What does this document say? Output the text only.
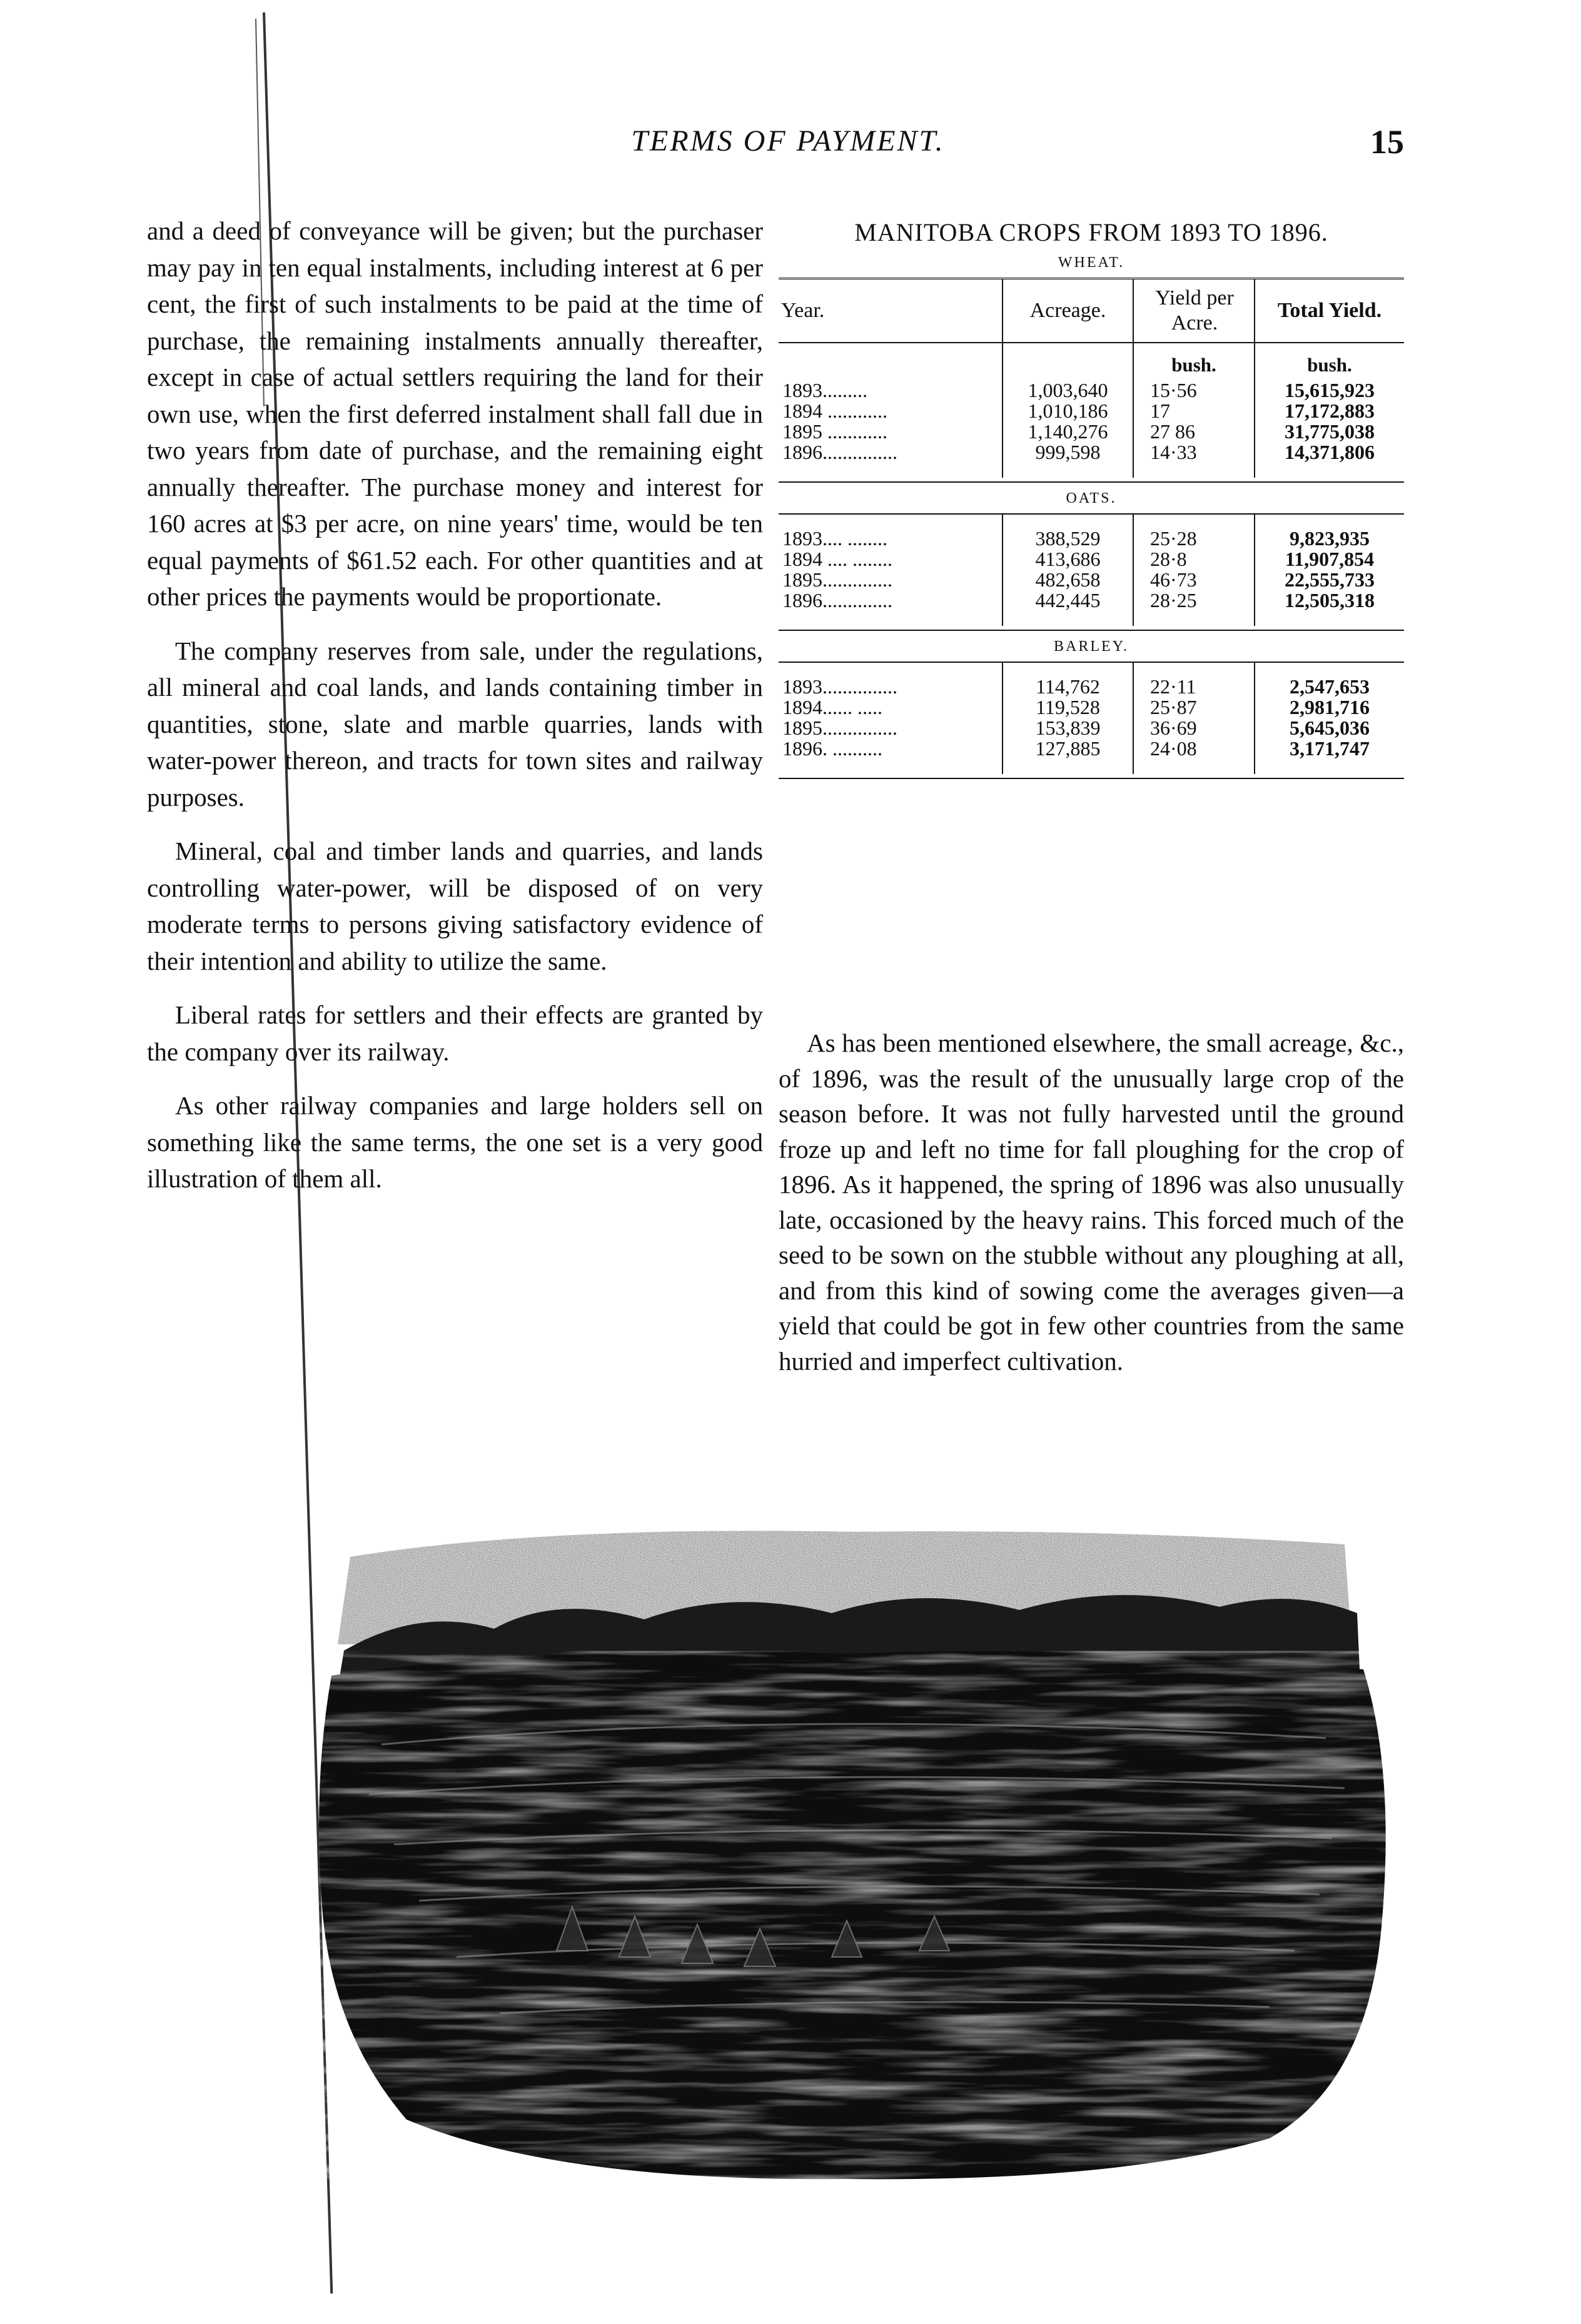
TERMS OF PAYMENT.	15

and a deed of conveyance will be given; but the purchaser may pay in ten equal instalments, including interest at 6 per cent, the first of such instalments to be paid at the time of purchase, the remaining instalments annually thereafter, except in case of actual settlers requiring the land for their own use, when the first deferred instalment shall fall due in two years from date of purchase, and the remaining eight annually thereafter. The purchase money and interest for 160 acres at $3 per acre, on nine years' time, would be ten equal payments of $61.52 each. For other quantities and at other prices the payments would be proportionate.

The company reserves from sale, under the regulations, all mineral and coal lands, and lands containing timber in quantities, stone, slate and marble quarries, lands with water-power thereon, and tracts for town sites and railway purposes.

Mineral, coal and timber lands and quarries, and lands controlling water-power, will be disposed of on very moderate terms to persons giving satisfactory evidence of their intention and ability to utilize the same.

Liberal rates for settlers and their effects are granted by the company over its railway.

As other railway companies and large holders sell on something like the same terms, the one set is a very good illustration of them all.

MANITOBA CROPS FROM 1893 TO 1896.
WHEAT.
Year.	Acreage.	Yield per Acre.	Total Yield.
		bush.	bush.
1893.........	1,003,640	15·56	15,615,923
1894 ............	1,010,186	17	17,172,883
1895 ............	1,140,276	27 86	31,775,038
1896...............	999,598	14·33	14,371,806
OATS.
1893.... ........	388,529	25·28	9,823,935
1894 .... ........	413,686	28·8	11,907,854
1895..............	482,658	46·73	22,555,733
1896..............	442,445	28·25	12,505,318
BARLEY.
1893...............	114,762	22·11	2,547,653
1894...... .....	119,528	25·87	2,981,716
1895...............	153,839	36·69	5,645,036
1896. ..........	127,885	24·08	3,171,747

As has been mentioned elsewhere, the small acreage, &c., of 1896, was the result of the unusually large crop of the season before. It was not fully harvested until the ground froze up and left no time for fall ploughing for the crop of 1896. As it happened, the spring of 1896 was also unusually late, occasioned by the heavy rains. This forced much of the seed to be sown on the stubble without any ploughing at all, and from this kind of sowing come the averages given—a yield that could be got in few other countries from the same hurried and imperfect cultivation.
